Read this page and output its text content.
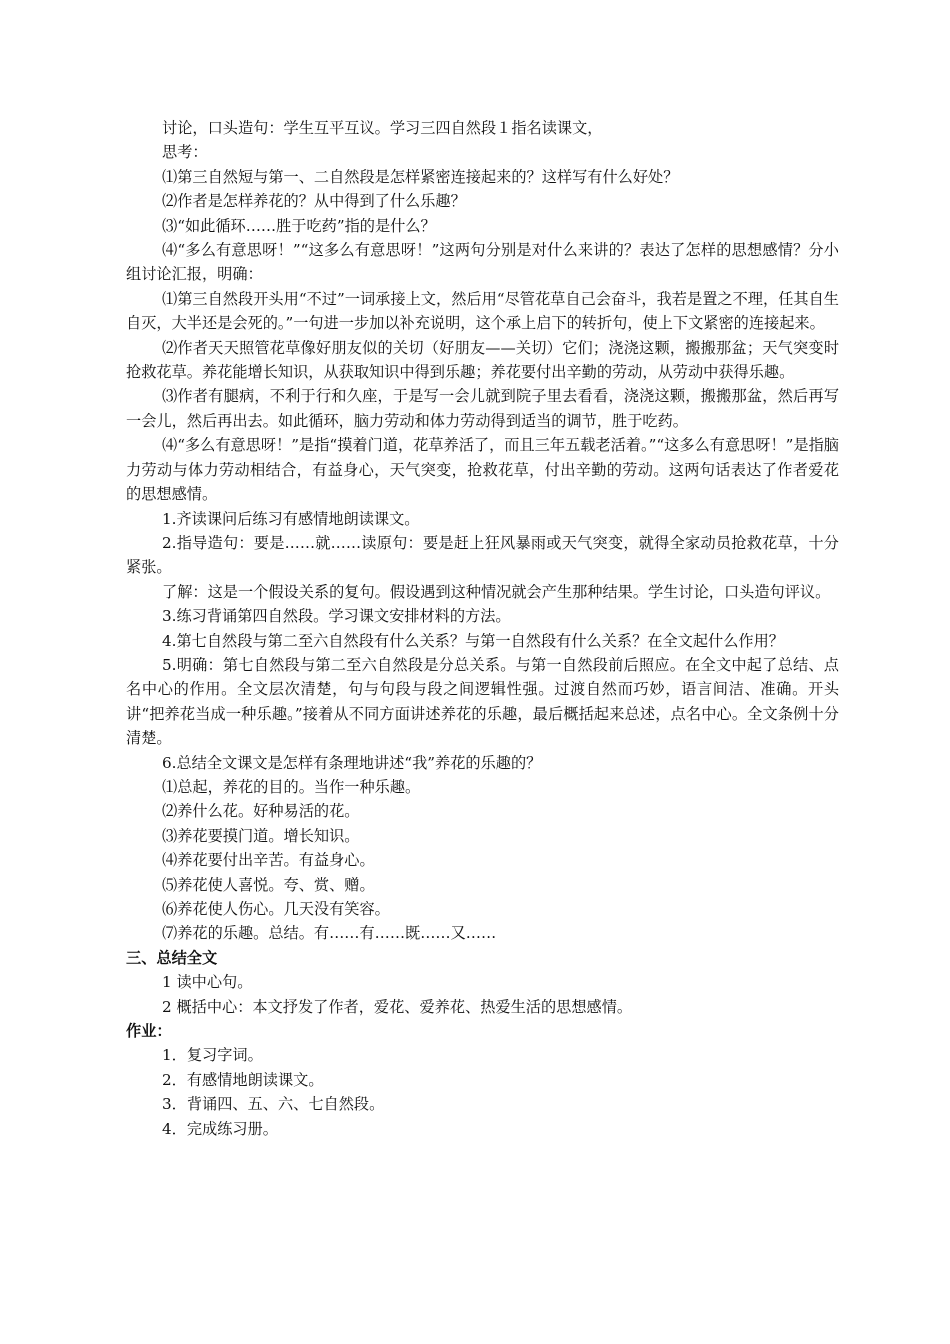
讨论，口头造句：学生互平互议。学习三四自然段１指名读课文，

思考：

⑴第三自然短与第一、二自然段是怎样紧密连接起来的？这样写有什么好处？

⑵作者是怎样养花的？从中得到了什么乐趣？

⑶“如此循环……胜于吃药”指的是什么？

⑷“多么有意思呀！”“这多么有意思呀！”这两句分别是对什么来讲的？表达了怎样的思想感情？分小组讨论汇报，明确：

⑴第三自然段开头用“不过”一词承接上文，然后用“尽管花草自己会奋斗，我若是置之不理，任其自生自灭，大半还是会死的。”一句进一步加以补充说明，这个承上启下的转折句，使上下文紧密的连接起来。

⑵作者天天照管花草像好朋友似的关切（好朋友——关切）它们；浇浇这颗，搬搬那盆；天气突变时抢救花草。养花能增长知识，从获取知识中得到乐趣；养花要付出辛勤的劳动，从劳动中获得乐趣。

⑶作者有腿病，不利于行和久座，于是写一会儿就到院子里去看看，浇浇这颗，搬搬那盆，然后再写一会儿，然后再出去。如此循环，脑力劳动和体力劳动得到适当的调节，胜于吃药。

⑷“多么有意思呀！”是指“摸着门道，花草养活了，而且三年五载老活着。”“这多么有意思呀！”是指脑力劳动与体力劳动相结合，有益身心，天气突变，抢救花草，付出辛勤的劳动。这两句话表达了作者爱花的思想感情。

1.齐读课问后练习有感情地朗读课文。

2.指导造句：要是……就……读原句：要是赶上狂风暴雨或天气突变，就得全家动员抢救花草，十分紧张。

了解：这是一个假设关系的复句。假设遇到这种情况就会产生那种结果。学生讨论，口头造句评议。

3.练习背诵第四自然段。学习课文安排材料的方法。

4.第七自然段与第二至六自然段有什么关系？与第一自然段有什么关系？在全文起什么作用？

5.明确：第七自然段与第二至六自然段是分总关系。与第一自然段前后照应。在全文中起了总结、点名中心的作用。全文层次清楚，句与句段与段之间逻辑性强。过渡自然而巧妙，语言间洁、准确。开头讲“把养花当成一种乐趣。”接着从不同方面讲述养花的乐趣，最后概括起来总述，点名中心。全文条例十分清楚。

6.总结全文课文是怎样有条理地讲述“我”养花的乐趣的？

⑴总起，养花的目的。当作一种乐趣。

⑵养什么花。好种易活的花。

⑶养花要摸门道。增长知识。

⑷养花要付出辛苦。有益身心。

⑸养花使人喜悦。夸、赏、赠。

⑹养花使人伤心。几天没有笑容。

⑺养花的乐趣。总结。有……有……既……又……

三、总结全文

1 读中心句。

2 概括中心：本文抒发了作者，爱花、爱养花、热爱生活的思想感情。

作业：

1．复习字词。

2．有感情地朗读课文。

3．背诵四、五、六、七自然段。

4．完成练习册。
